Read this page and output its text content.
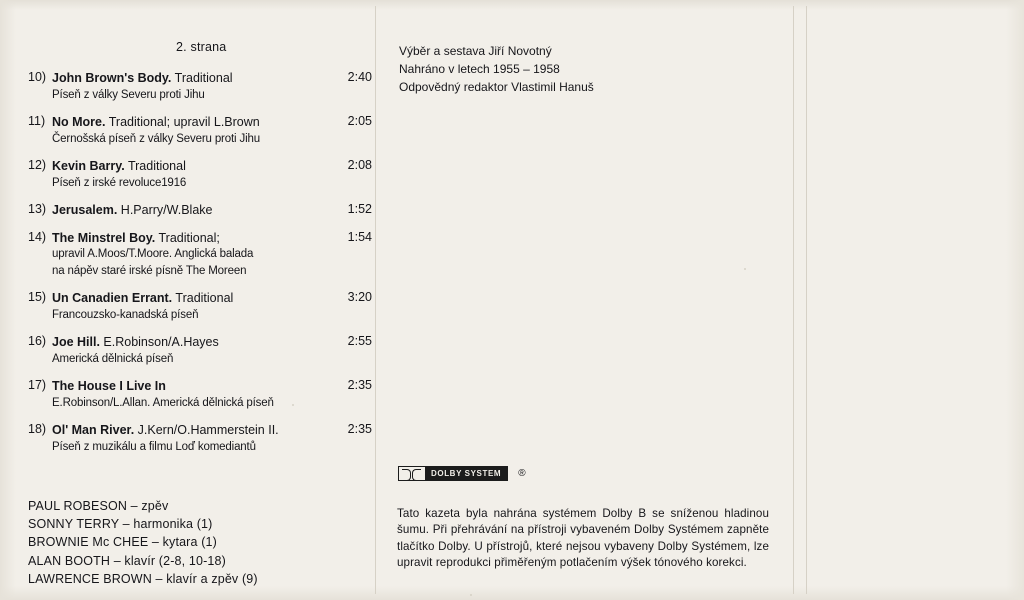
2. strana
10) John Brown's Body. Traditional
Píseň z války Severu proti Jihu
2:40
11) No More. Traditional; upravil L.Brown
Černošská píseň z války Severu proti Jihu
2:05
12) Kevin Barry. Traditional
Píseň z irské revoluce1916
2:08
13) Jerusalem. H.Parry/W.Blake	1:52
14) The Minstrel Boy. Traditional;
upravil A.Moos/T.Moore. Anglická balada
na nápěv staré irské písně The Moreen
1:54
15) Un Canadien Errant. Traditional
Francouzsko-kanadská píseň
3:20
16) Joe Hill. E.Robinson/A.Hayes
Americká dělnická píseň
2:55
17) The House I Live In
E.Robinson/L.Allan. Americká dělnická píseň
2:35
18) Ol' Man River. J.Kern/O.Hammerstein II.
Píseň z muzikálu a filmu Loď komediantů
2:35
PAUL ROBESON – zpěv
SONNY TERRY – harmonika (1)
BROWNIE Mc CHEE – kytara (1)
ALAN BOOTH – klavír (2-8, 10-18)
LAWRENCE BROWN – klavír a zpěv (9)
Výběr a sestava Jiří Novotný
Nahráno v letech 1955 – 1958
Odpovědný redaktor Vlastimil Hanuš
DOLBY SYSTEM	®
Tato kazeta byla nahrána systémem Dolby B se sníženou hladinou šumu. Při přehrávání na přístroji vybaveném Dolby Systémem zapněte tlačítko Dolby. U přístrojů, které nejsou vybaveny Dolby Systémem, lze upravit reprodukci přiměřeným potlačením výšek tónového korekci.
